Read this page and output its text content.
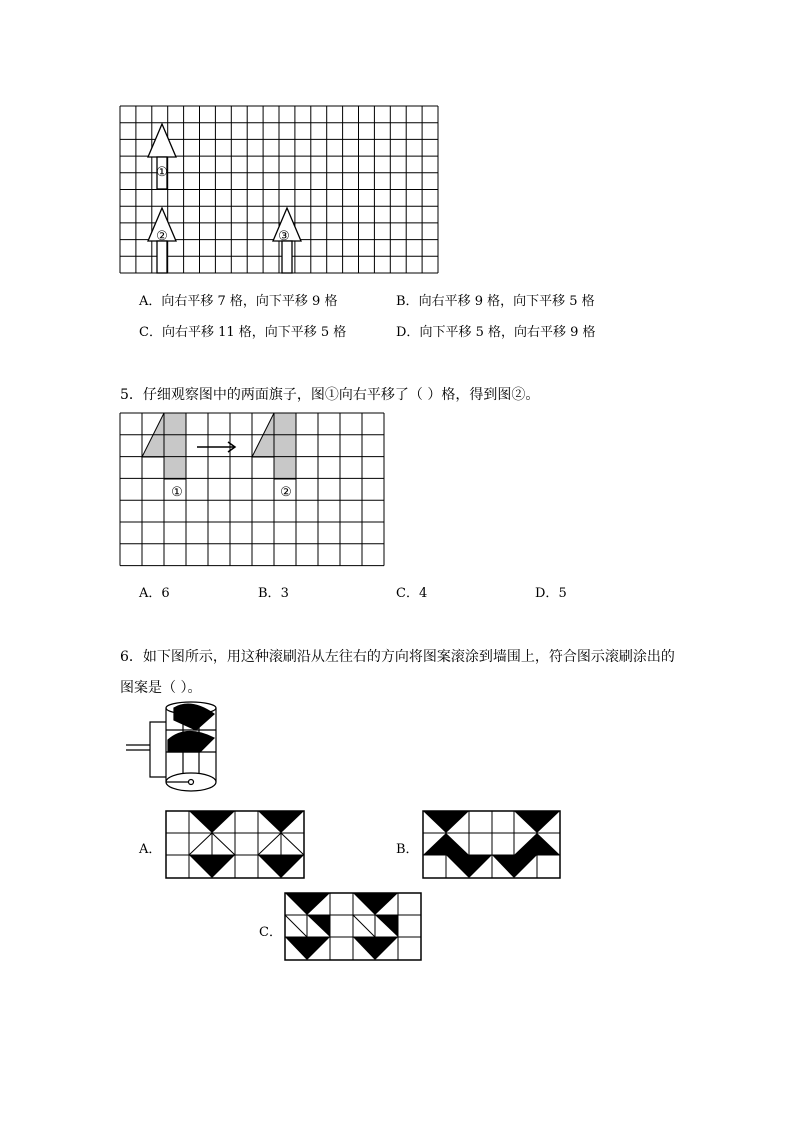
①
②	③
A．向右平移 7 格，向下平移 9 格	B．向右平移 9 格，向下平移 5 格
C．向右平移 11 格，向下平移 5 格	D．向下平移 5 格，向右平移 9 格
5．仔细观察图中的两面旗子，图①向右平移了（ ）格，得到图②。
①	②
A．6	B．3	C．4	D．5
6．如下图所示，用这种滚刷沿从左往右的方向将图案滚涂到墙围上，符合图示滚刷涂出的
图案是（ ）。
A．	B．
C．
